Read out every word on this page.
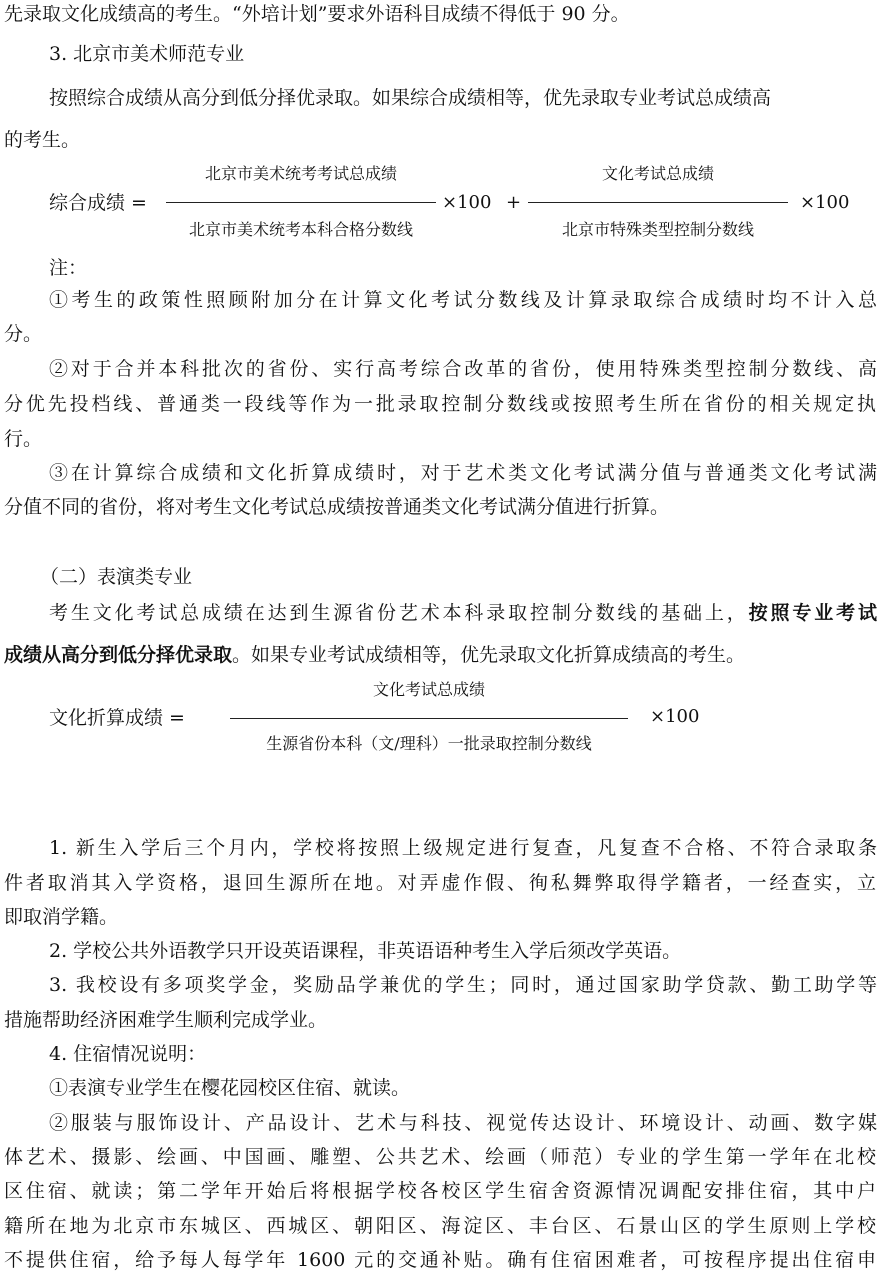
先录取文化成绩高的考生。“外培计划”要求外语科目成绩不得低于 90 分。
3. 北京市美术师范专业
按照综合成绩从高分到低分择优录取。如果综合成绩相等，优先录取专业考试总成绩高
的考生。
综合成绩 =
北京市美术统考考试总成绩
北京市美术统考本科合格分数线
×100 +
文化考试总成绩
北京市特殊类型控制分数线
×100
注：
①考生的政策性照顾附加分在计算文化考试分数线及计算录取综合成绩时均不计入总
分。
②对于合并本科批次的省份、实行高考综合改革的省份，使用特殊类型控制分数线、高
分优先投档线、普通类一段线等作为一批录取控制分数线或按照考生所在省份的相关规定执
行。
③在计算综合成绩和文化折算成绩时，对于艺术类文化考试满分值与普通类文化考试满
分值不同的省份，将对考生文化考试总成绩按普通类文化考试满分值进行折算。
（二）表演类专业
考生文化考试总成绩在达到生源省份艺术本科录取控制分数线的基础上，按照专业考试
成绩从高分到低分择优录取。如果专业考试成绩相等，优先录取文化折算成绩高的考生。
文化折算成绩 =
文化考试总成绩
生源省份本科（文/理科）一批录取控制分数线
×100
1. 新生入学后三个月内，学校将按照上级规定进行复查，凡复查不合格、不符合录取条
件者取消其入学资格，退回生源所在地。对弄虚作假、徇私舞弊取得学籍者，一经查实，立
即取消学籍。
2. 学校公共外语教学只开设英语课程，非英语语种考生入学后须改学英语。
3. 我校设有多项奖学金，奖励品学兼优的学生；同时，通过国家助学贷款、勤工助学等
措施帮助经济困难学生顺利完成学业。
4. 住宿情况说明：
①表演专业学生在樱花园校区住宿、就读。
②服装与服饰设计、产品设计、艺术与科技、视觉传达设计、环境设计、动画、数字媒
体艺术、摄影、绘画、中国画、雕塑、公共艺术、绘画（师范）专业的学生第一学年在北校
区住宿、就读；第二学年开始后将根据学校各校区学生宿舍资源情况调配安排住宿，其中户
籍所在地为北京市东城区、西城区、朝阳区、海淀区、丰台区、石景山区的学生原则上学校
不提供住宿，给予每人每学年 1600 元的交通补贴。确有住宿困难者，可按程序提出住宿申
